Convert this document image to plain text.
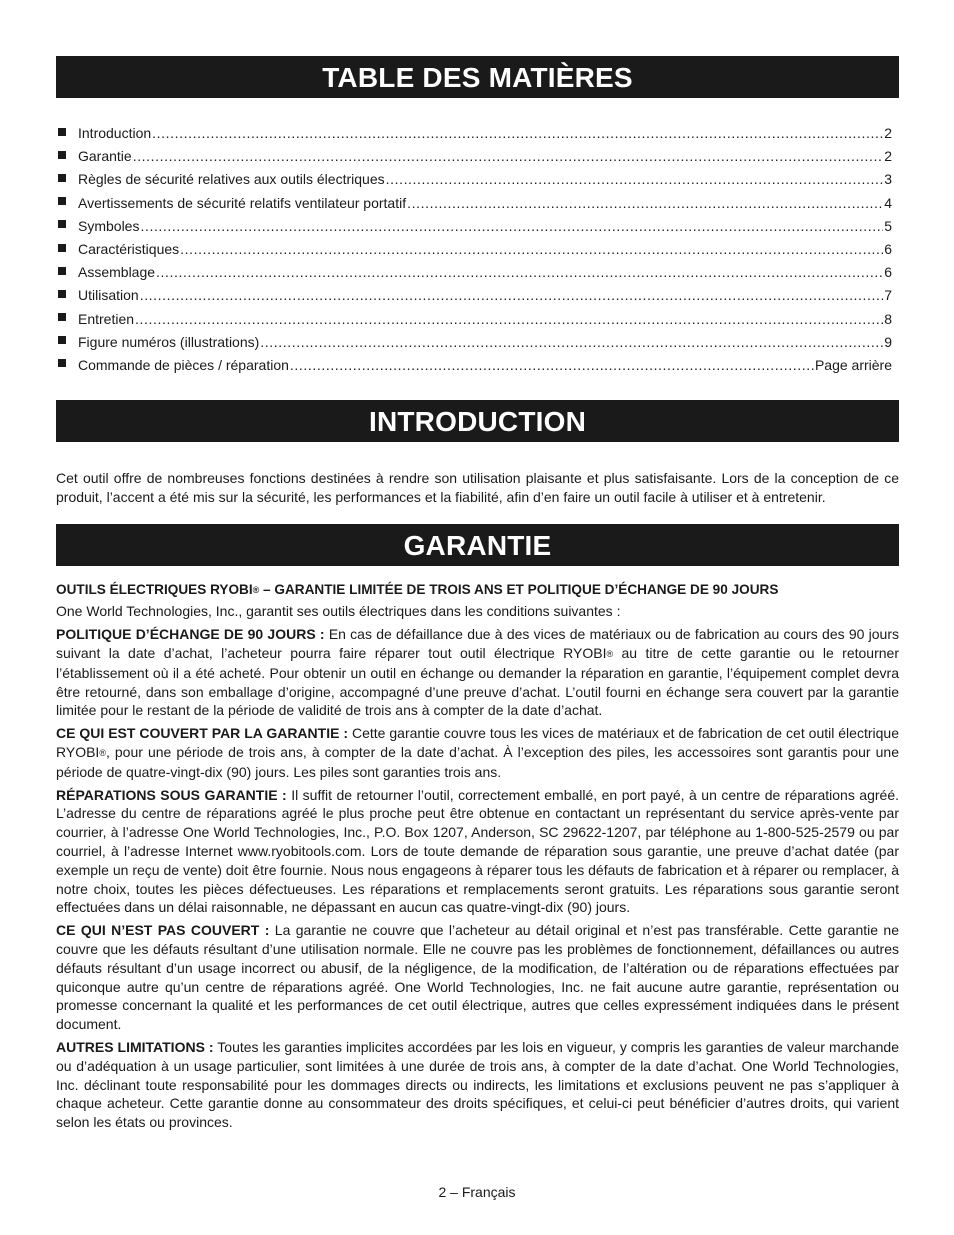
TABLE DES MATIÈRES
Introduction .....	2
Garantie .....	2
Règles de sécurité relatives aux outils électriques .....	3
Avertissements de sécurité relatifs ventilateur portatif .....	4
Symboles .....	5
Caractéristiques .....	6
Assemblage .....	6
Utilisation .....	7
Entretien .....	8
Figure numéros (illustrations) .....	9
Commande de pièces / réparation .....	Page arrière
INTRODUCTION

Cet outil offre de nombreuses fonctions destinées à rendre son utilisation plaisante et plus satisfaisante. Lors de la conception de ce produit, l’accent a été mis sur la sécurité, les performances et la fiabilité, afin d’en faire un outil facile à utiliser et à entretenir.

GARANTIE

OUTILS ÉLECTRIQUES RYOBI® – GARANTIE LIMITÉE DE TROIS ANS ET POLITIQUE D’ÉCHANGE DE 90 JOURS

One World Technologies, Inc., garantit ses outils électriques dans les conditions suivantes :

POLITIQUE D’ÉCHANGE DE 90 JOURS : En cas de défaillance due à des vices de matériaux ou de fabrication au cours des 90 jours suivant la date d’achat, l’acheteur pourra faire réparer tout outil électrique RYOBI® au titre de cette garantie ou le retourner l’établissement où il a été acheté. Pour obtenir un outil en échange ou demander la réparation en garantie, l’équipement complet devra être retourné, dans son emballage d’origine, accompagné d’une preuve d’achat. L’outil fourni en échange sera couvert par la garantie limitée pour le restant de la période de validité de trois ans à compter de la date d’achat.

CE QUI EST COUVERT PAR LA GARANTIE : Cette garantie couvre tous les vices de matériaux et de fabrication de cet outil électrique RYOBI®, pour une période de trois ans, à compter de la date d’achat. À l’exception des piles, les accessoires sont garantis pour une période de quatre-vingt-dix (90) jours. Les piles sont garanties trois ans.

RÉPARATIONS SOUS GARANTIE : Il suffit de retourner l’outil, correctement emballé, en port payé, à un centre de réparations agréé. L’adresse du centre de réparations agréé le plus proche peut être obtenue en contactant un représentant du service après-vente par courrier, à l’adresse One World Technologies, Inc., P.O. Box 1207, Anderson, SC 29622-1207, par téléphone au 1-800-525-2579 ou par courriel, à l’adresse Internet www.ryobitools.com. Lors de toute demande de réparation sous garantie, une preuve d’achat datée (par exemple un reçu de vente) doit être fournie. Nous nous engageons à réparer tous les défauts de fabrication et à réparer ou remplacer, à notre choix, toutes les pièces défectueuses. Les réparations et remplacements seront gratuits. Les réparations sous garantie seront effectuées dans un délai raisonnable, ne dépassant en aucun cas quatre-vingt-dix (90) jours.

CE QUI N’EST PAS COUVERT : La garantie ne couvre que l’acheteur au détail original et n’est pas transférable. Cette garantie ne couvre que les défauts résultant d’une utilisation normale. Elle ne couvre pas les problèmes de fonctionnement, défaillances ou autres défauts résultant d’un usage incorrect ou abusif, de la négligence, de la modification, de l’altération ou de réparations effectuées par quiconque autre qu’un centre de réparations agréé. One World Technologies, Inc. ne fait aucune autre garantie, représentation ou promesse concernant la qualité et les performances de cet outil électrique, autres que celles expressément indiquées dans le présent document.

AUTRES LIMITATIONS : Toutes les garanties implicites accordées par les lois en vigueur, y compris les garanties de valeur marchande ou d’adéquation à un usage particulier, sont limitées à une durée de trois ans, à compter de la date d’achat. One World Technologies, Inc. déclinant toute responsabilité pour les dommages directs ou indirects, les limitations et exclusions peuvent ne pas s’appliquer à chaque acheteur. Cette garantie donne au consommateur des droits spécifiques, et celui-ci peut bénéficier d’autres droits, qui varient selon les états ou provinces.

2 – Français
